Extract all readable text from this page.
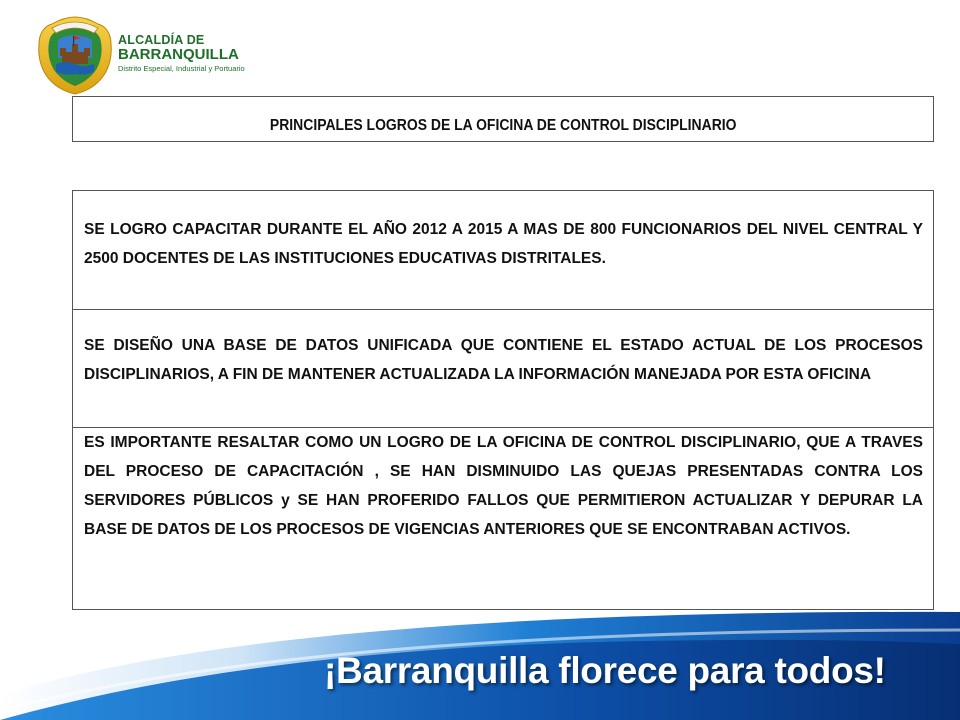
ALCALDÍA DE
BARRANQUILLA
Distrito Especial, Industrial y Portuario
PRINCIPALES LOGROS DE LA OFICINA DE CONTROL DISCIPLINARIO

SE LOGRO CAPACITAR DURANTE EL AÑO 2012 A 2015 A MAS DE 800 FUNCIONARIOS DEL NIVEL CENTRAL Y 2500 DOCENTES DE LAS INSTITUCIONES EDUCATIVAS DISTRITALES.

SE DISEÑO UNA BASE DE DATOS UNIFICADA QUE CONTIENE EL ESTADO ACTUAL DE LOS PROCESOS DISCIPLINARIOS, A FIN DE MANTENER ACTUALIZADA LA INFORMACIÓN MANEJADA POR ESTA OFICINA

ES IMPORTANTE RESALTAR COMO UN LOGRO DE LA OFICINA DE CONTROL DISCIPLINARIO, QUE A TRAVES DEL PROCESO DE CAPACITACIÓN , SE HAN DISMINUIDO LAS QUEJAS PRESENTADAS CONTRA LOS SERVIDORES PÚBLICOS y SE HAN PROFERIDO FALLOS QUE PERMITIERON ACTUALIZAR Y DEPURAR LA BASE DE DATOS DE LOS PROCESOS DE VIGENCIAS ANTERIORES QUE SE ENCONTRABAN ACTIVOS.

¡Barranquilla florece para todos!
